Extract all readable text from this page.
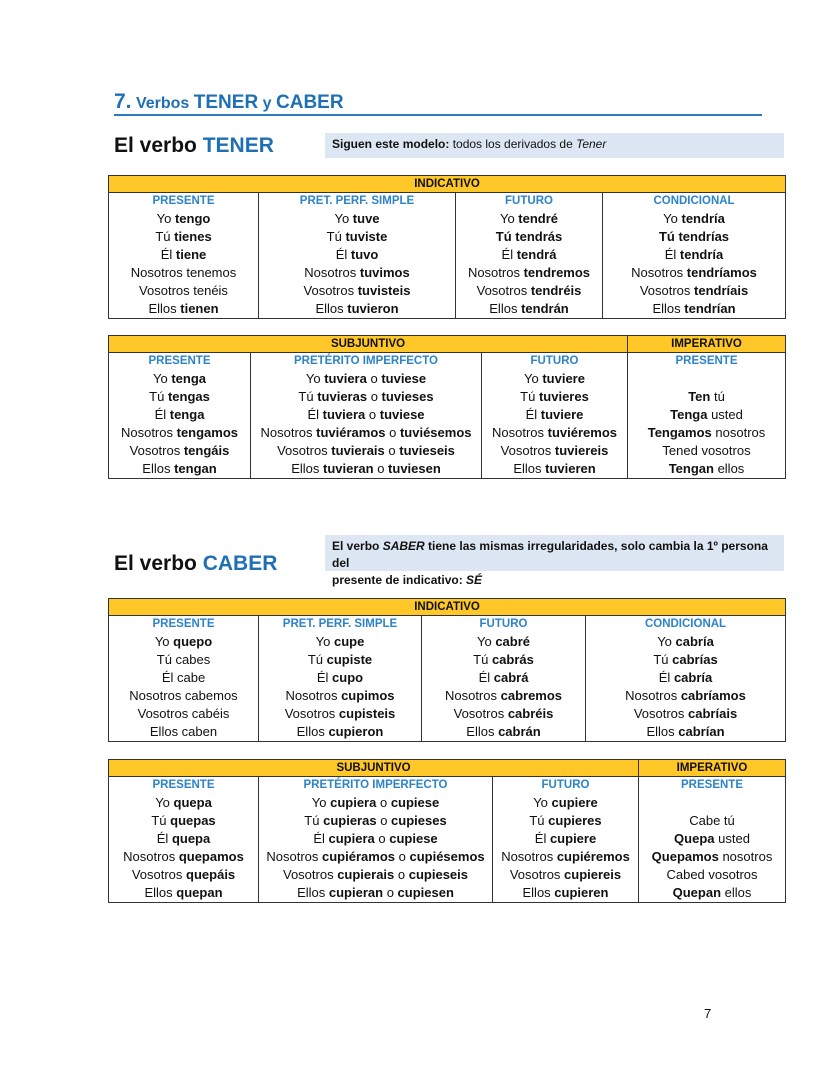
7. Verbos TENER y CABER
El verbo TENER	Siguen este modelo: todos los derivados de Tener
INDICATIVO			
PRESENTE	PRET. PERF. SIMPLE	FUTURO	CONDICIONAL
Yo tengo	Yo tuve	Yo tendré	Yo tendría
Tú tienes	Tú tuviste	Tú tendrás	Tú tendrías
Él tiene	Él tuvo	Él tendrá	Él tendría
Nosotros tenemos	Nosotros tuvimos	Nosotros tendremos	Nosotros tendríamos
Vosotros tenéis	Vosotros tuvisteis	Vosotros tendréis	Vosotros tendríais
Ellos tienen	Ellos tuvieron	Ellos tendrán	Ellos tendrían
SUBJUNTIVO			IMPERATIVO
PRESENTE	PRETÉRITO IMPERFECTO	FUTURO	PRESENTE
Yo tenga	Yo tuviera o tuviese	Yo tuviere	
Tú tengas	Tú tuvieras o tuvieses	Tú tuvieres	Ten tú
Él tenga	Él tuviera o tuviese	Él tuviere	Tenga usted
Nosotros tengamos	Nosotros tuviéramos o tuviésemos	Nosotros tuviéremos	Tengamos nosotros
Vosotros tengáis	Vosotros tuvierais o tuvieseis	Vosotros tuviereis	Tened vosotros
Ellos tengan	Ellos tuvieran o tuviesen	Ellos tuvieren	Tengan ellos
El verbo CABER
El verbo SABER tiene las mismas irregularidades, solo cambia la 1º persona del
presente de indicativo: SÉ
INDICATIVO			
PRESENTE	PRET. PERF. SIMPLE	FUTURO	CONDICIONAL
Yo quepo	Yo cupe	Yo cabré	Yo cabría
Tú cabes	Tú cupiste	Tú cabrás	Tú cabrías
Él cabe	Él cupo	Él cabrá	Él cabría
Nosotros cabemos	Nosotros cupimos	Nosotros cabremos	Nosotros cabríamos
Vosotros cabéis	Vosotros cupisteis	Vosotros cabréis	Vosotros cabríais
Ellos caben	Ellos cupieron	Ellos cabrán	Ellos cabrían
SUBJUNTIVO			IMPERATIVO
PRESENTE	PRETÉRITO IMPERFECTO	FUTURO	PRESENTE
Yo quepa	Yo cupiera o cupiese	Yo cupiere	
Tú quepas	Tú cupieras o cupieses	Tú cupieres	Cabe tú
Él quepa	Él cupiera o cupiese	Él cupiere	Quepa usted
Nosotros quepamos	Nosotros cupiéramos o cupiésemos	Nosotros cupiéremos	Quepamos nosotros
Vosotros quepáis	Vosotros cupierais o cupieseis	Vosotros cupiereis	Cabed vosotros
Ellos quepan	Ellos cupieran o cupiesen	Ellos cupieren	Quepan ellos
7
